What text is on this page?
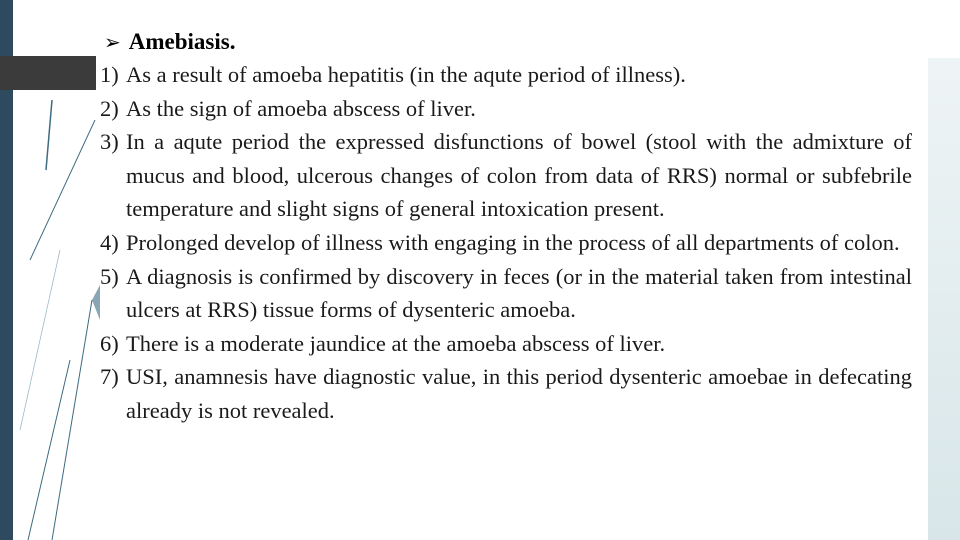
➢ Amebiasis.
1) As a result of amoeba hepatitis (in the aqute period of illness).
2) As the sign of amoeba abscess of liver.
3) In a aqute period the expressed disfunctions of bowel (stool with the admixture of mucus and blood, ulcerous changes of colon from data of RRS) normal or subfebrile temperature and slight signs of general intoxication present.
4) Prolonged develop of illness with engaging in the process of all departments of colon.
5) A diagnosis is confirmed by discovery in feces (or in the material taken from intestinal ulcers at RRS) tissue forms of dysenteric amoeba.
6) There is a moderate jaundice at the amoeba abscess of liver.
7) USI, anamnesis have diagnostic value, in this period dysenteric amoebae in defecating already is not revealed.
